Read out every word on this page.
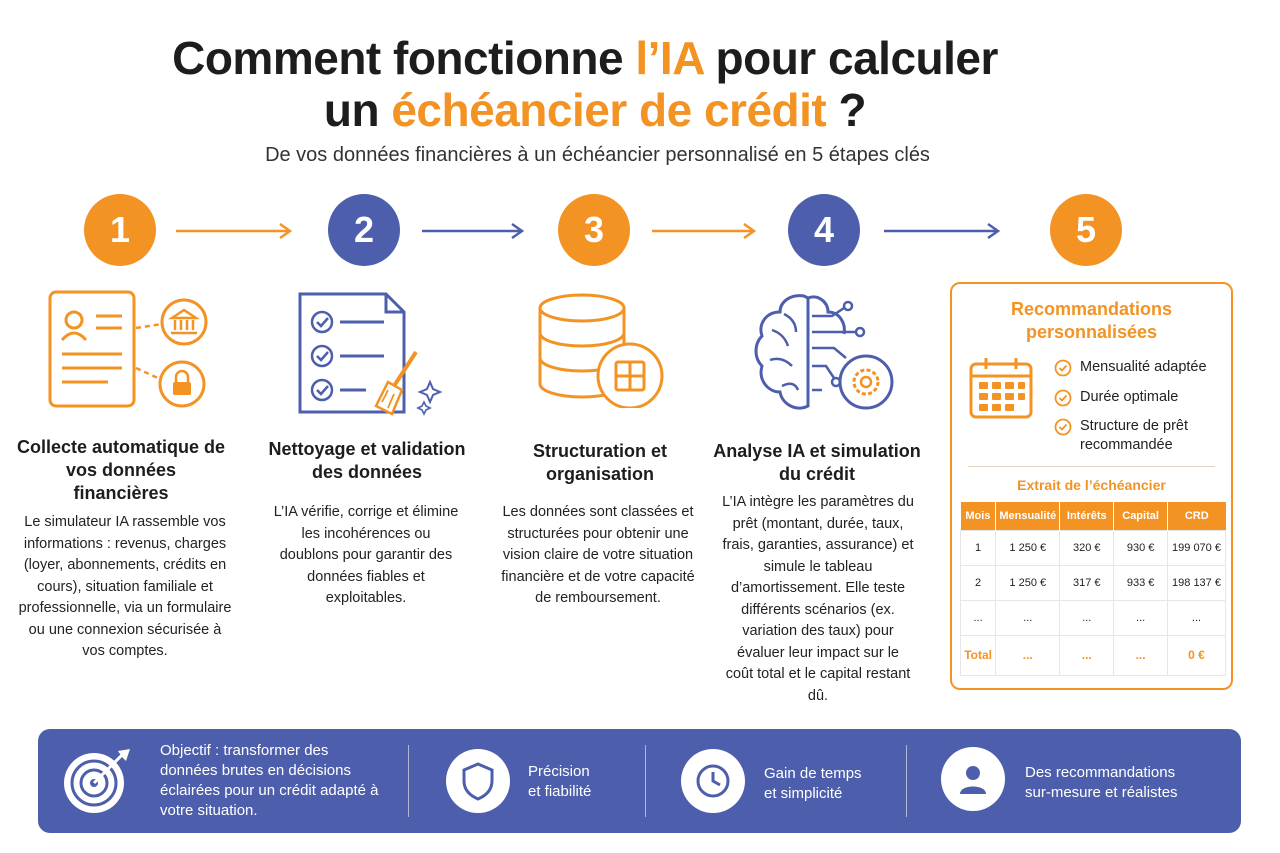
Comment fonctionne l’IA pour calculer
un échéancier de crédit ?
De vos données financières à un échéancier personnalisé en 5 étapes clés
1	2	3	4	5
Collecte automatique de vos données financières
Le simulateur IA rassemble vos informations : revenus, charges (loyer, abonnements, crédits en cours), situation familiale et professionnelle, via un formulaire ou une connexion sécurisée à vos comptes.
Nettoyage et validation des données
L’IA vérifie, corrige et élimine les incohérences ou doublons pour garantir des données fiables et exploitables.
Structuration et organisation
Les données sont classées et structurées pour obtenir une vision claire de votre situation financière et de votre capacité de remboursement.
Analyse IA et simulation du crédit
L’IA intègre les paramètres du prêt (montant, durée, taux, frais, garanties, assurance) et simule le tableau d’amortissement. Elle teste différents scénarios (ex. variation des taux) pour évaluer leur impact sur le coût total et le capital restant dû.
Recommandations personnalisées
Mensualité adaptée
Durée optimale
Structure de prêt recommandée
Extrait de l’échéancier
Mois	Mensualité	Intérêts	Capital	CRD
1	1 250 €	320 €	930 €	199 070 €
2	1 250 €	317 €	933 €	198 137 €
...	...	...	...	...
Total	...	...	...	0 €
Objectif : transformer des données brutes en décisions éclairées pour un crédit adapté à votre situation.
Précision
et fiabilité
Gain de temps
et simplicité
Des recommandations
sur-mesure et réalistes
